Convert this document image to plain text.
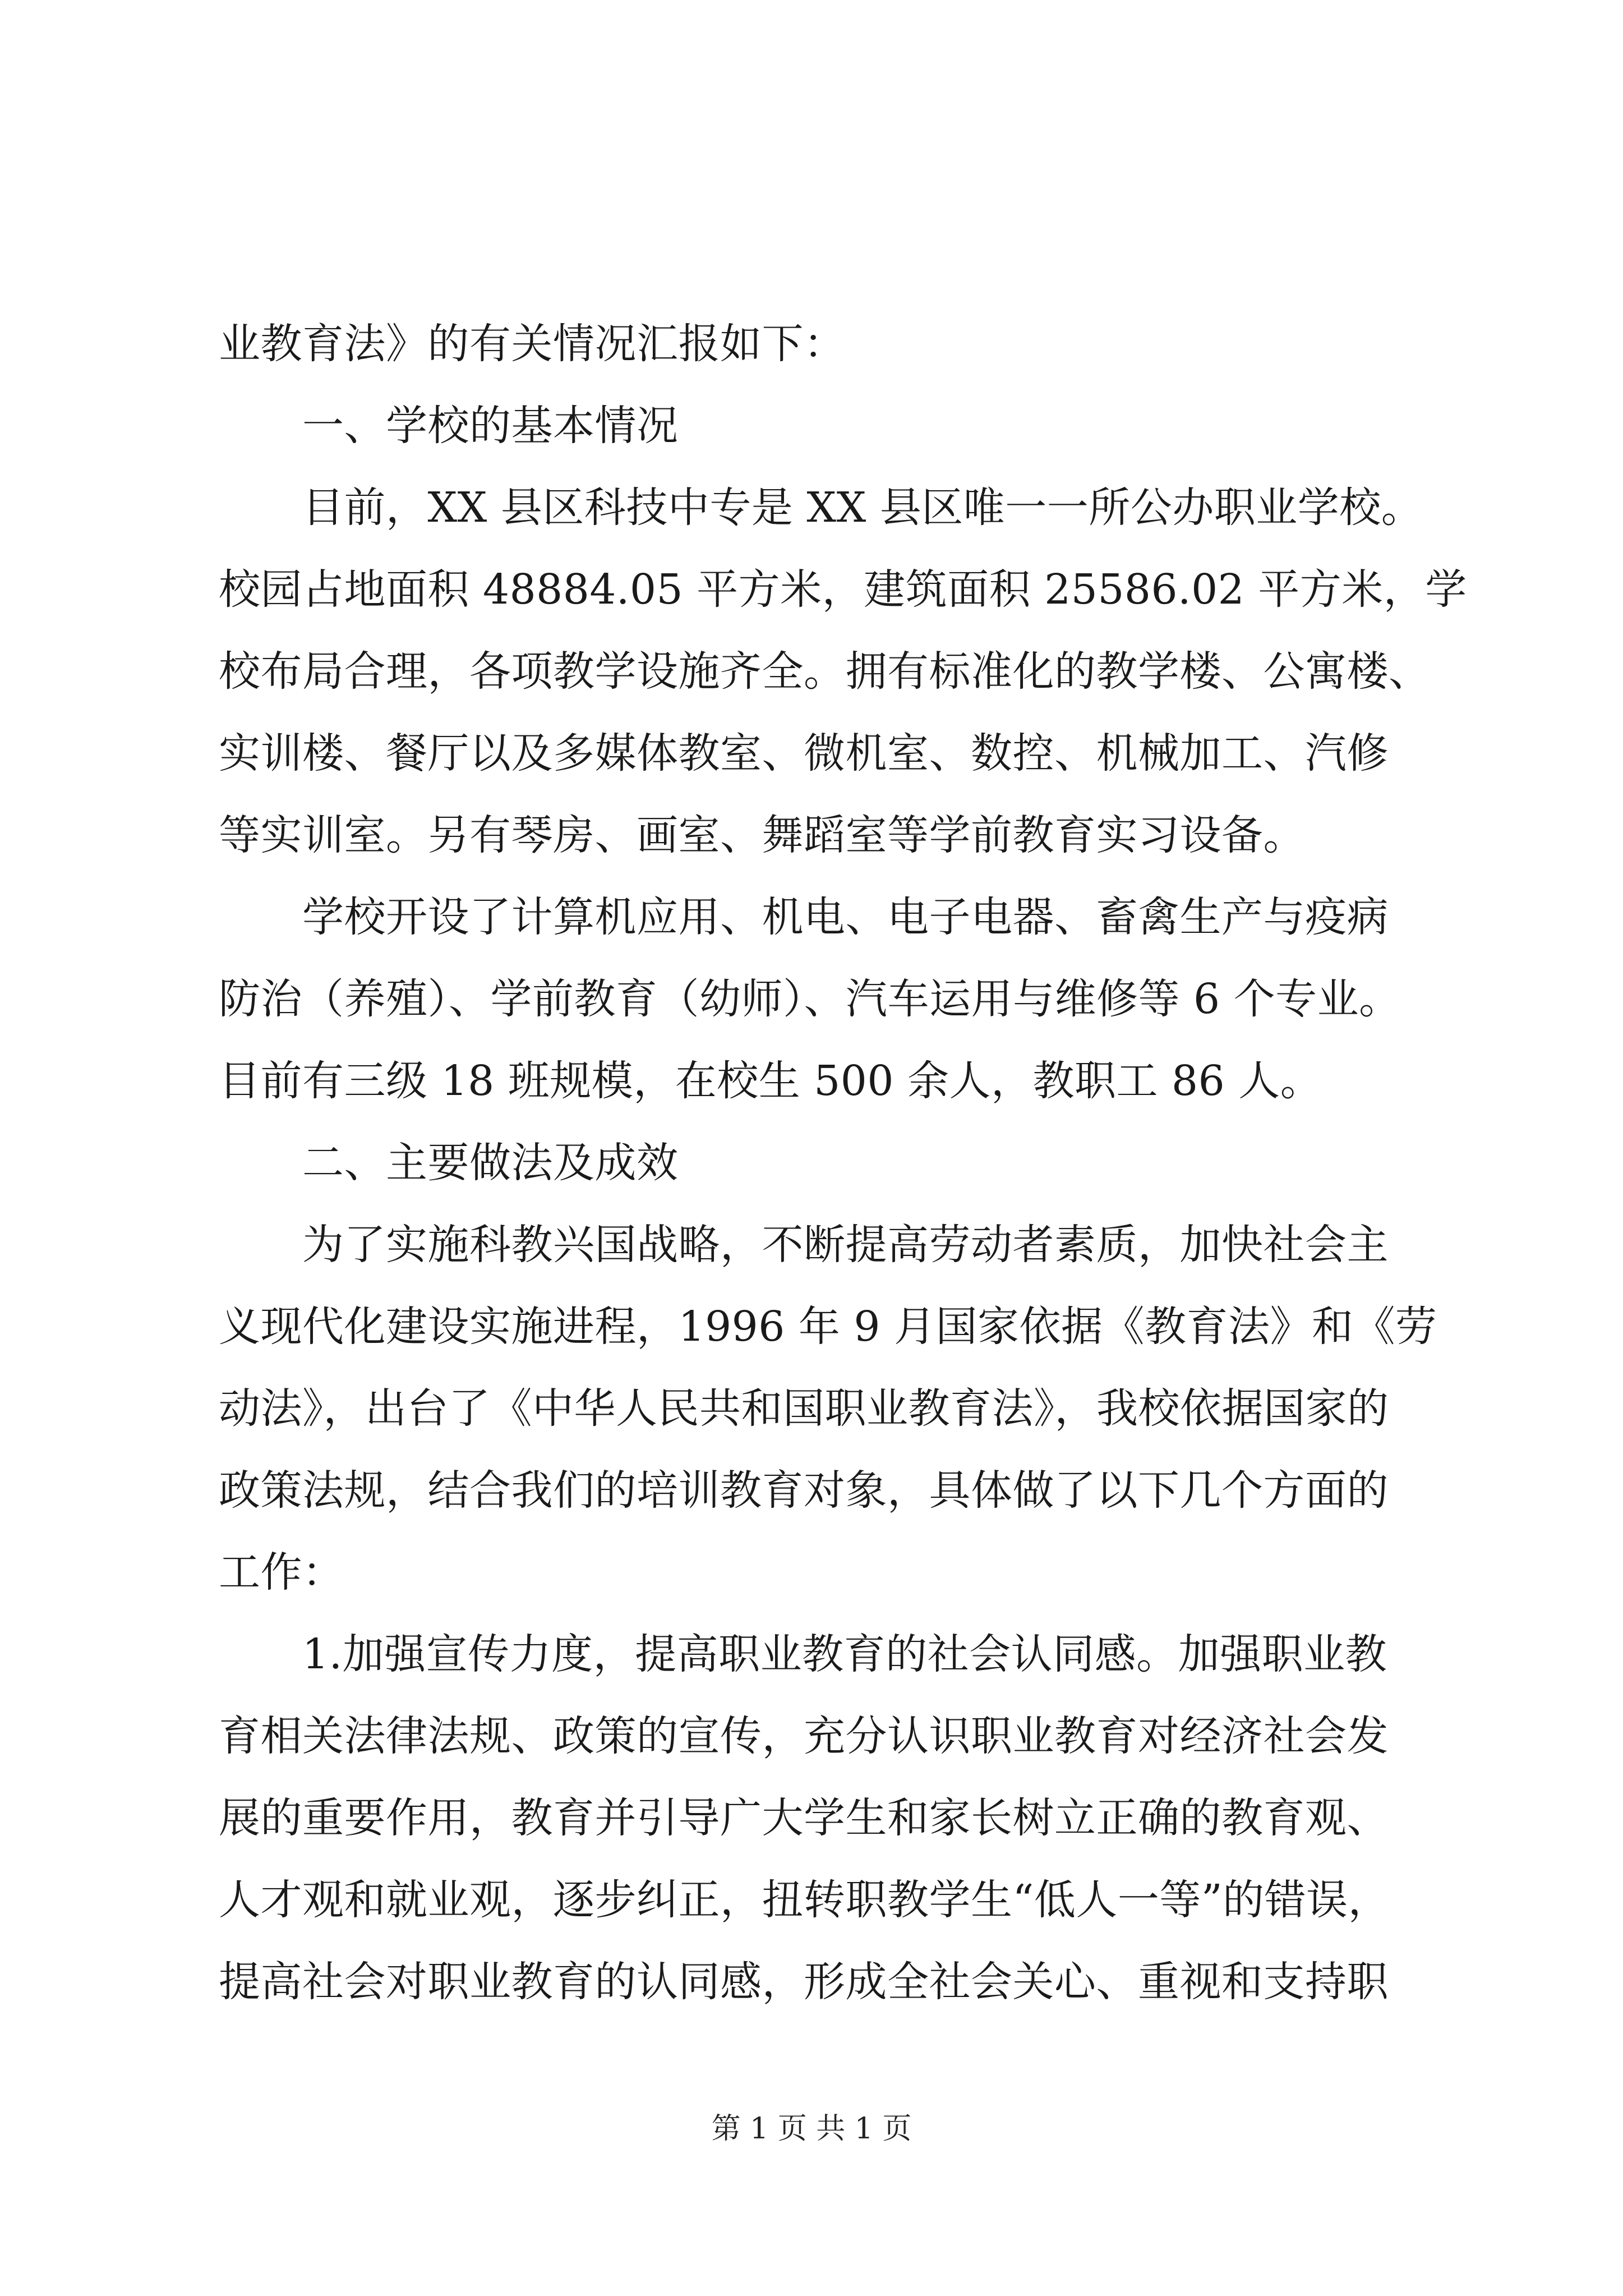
业教育法》的有关情况汇报如下：
　　一、学校的基本情况
　　目前，XX 县区科技中专是 XX 县区唯一一所公办职业学校。
校园占地面积 48884.05 平方米，建筑面积 25586.02 平方米，学
校布局合理，各项教学设施齐全。拥有标准化的教学楼、公寓楼、
实训楼、餐厅以及多媒体教室、微机室、数控、机械加工、汽修
等实训室。另有琴房、画室、舞蹈室等学前教育实习设备。
　　学校开设了计算机应用、机电、电子电器、畜禽生产与疫病
防治（养殖）、学前教育（幼师）、汽车运用与维修等 6 个专业。
目前有三级 18 班规模，在校生 500 余人，教职工 86 人。
　　二、主要做法及成效
　　为了实施科教兴国战略，不断提高劳动者素质，加快社会主
义现代化建设实施进程，1996 年 9 月国家依据《教育法》和《劳
动法》，出台了《中华人民共和国职业教育法》，我校依据国家的
政策法规，结合我们的培训教育对象，具体做了以下几个方面的
工作：
　　1.加强宣传力度，提高职业教育的社会认同感。加强职业教
育相关法律法规、政策的宣传，充分认识职业教育对经济社会发
展的重要作用，教育并引导广大学生和家长树立正确的教育观、
人才观和就业观，逐步纠正，扭转职教学生“低人一等”的错误，
提高社会对职业教育的认同感，形成全社会关心、重视和支持职
第 1 页 共 1 页
